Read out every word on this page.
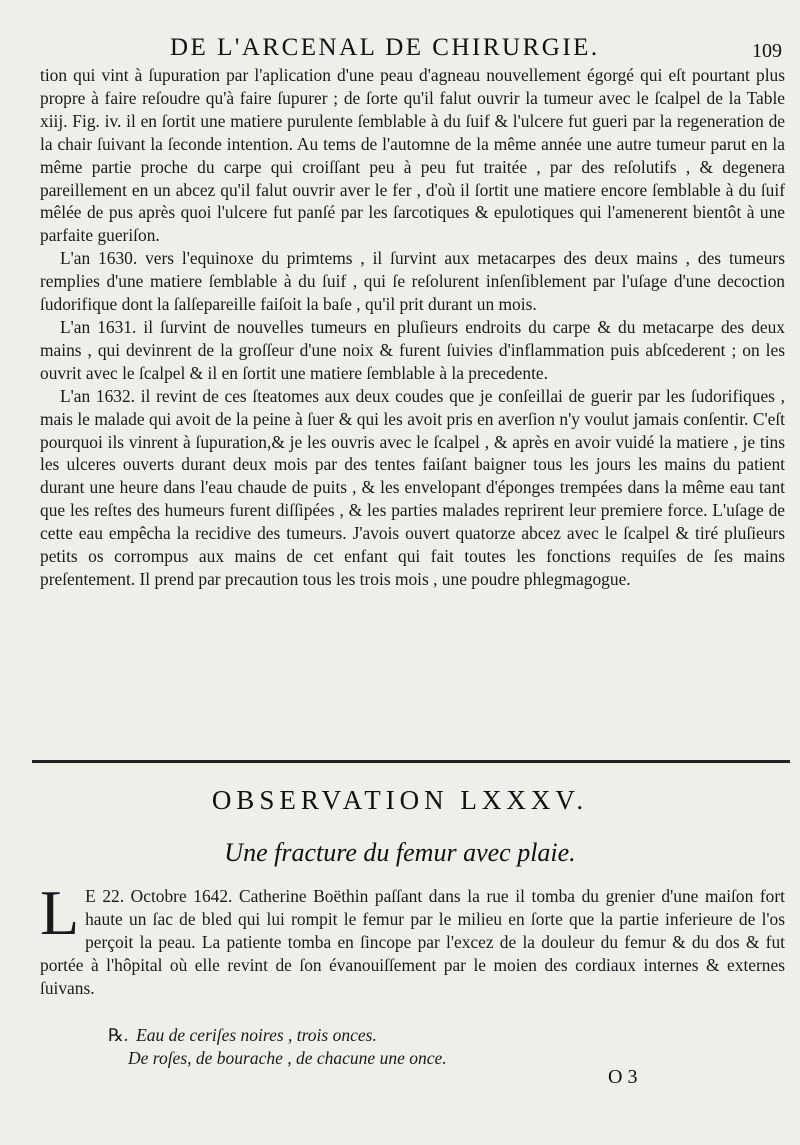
DE L'ARCENAL DE CHIRURGIE.	109

tion qui vint à ſupuration par l'aplication d'une peau d'agneau nouvellement égorgé qui eſt pourtant plus propre à faire reſoudre qu'à faire ſupurer ; de ſorte qu'il falut ouvrir la tumeur avec le ſcalpel de la Table xiij. Fig. iv. il en ſortit une matiere purulente ſemblable à du ſuif & l'ulcere fut gueri par la regeneration de la chair ſuivant la ſeconde intention. Au tems de l'automne de la même année une autre tumeur parut en la même partie proche du carpe qui croiſſant peu à peu fut traitée , par des reſolutifs , & degenera pareillement en un abcez qu'il falut ouvrir aver le fer , d'où il ſortit une matiere encore ſemblable à du ſuif mêlée de pus après quoi l'ulcere fut panſé par les ſarcotiques & epulotiques qui l'amenerent bientôt à une parfaite gueriſon.

L'an 1630. vers l'equinoxe du primtems , il ſurvint aux metacarpes des deux mains , des tumeurs remplies d'une matiere ſemblable à du ſuif , qui ſe reſolurent inſenſiblement par l'uſage d'une decoction ſudorifique dont la ſalſepareille faiſoit la baſe , qu'il prit durant un mois.

L'an 1631. il ſurvint de nouvelles tumeurs en pluſieurs endroits du carpe & du metacarpe des deux mains , qui devinrent de la groſſeur d'une noix & furent ſuivies d'inflammation puis abſcederent ; on les ouvrit avec le ſcalpel & il en ſortit une matiere ſemblable à la precedente.

L'an 1632. il revint de ces ſteatomes aux deux coudes que je conſeillai de guerir par les ſudorifiques , mais le malade qui avoit de la peine à ſuer & qui les avoit pris en averſion n'y voulut jamais conſentir. C'eſt pourquoi ils vinrent à ſupuration,& je les ouvris avec le ſcalpel , & après en avoir vuidé la matiere , je tins les ulceres ouverts durant deux mois par des tentes faiſant baigner tous les jours les mains du patient durant une heure dans l'eau chaude de puits , & les envelopant d'éponges trempées dans la même eau tant que les reſtes des humeurs furent diſſipées , & les parties malades reprirent leur premiere force. L'uſage de cette eau empêcha la recidive des tumeurs. J'avois ouvert quatorze abcez avec le ſcalpel & tiré pluſieurs petits os corrompus aux mains de cet enfant qui fait toutes les fonctions requiſes de ſes mains preſentement. Il prend par precaution tous les trois mois , une poudre phlegmagogue.

OBSERVATION LXXXV.
Une fracture du femur avec plaie.
L E 22. Octobre 1642. Catherine Boëthin paſſant dans la rue il tomba du grenier d'une maiſon fort haute un ſac de bled qui lui rompit le femur par le milieu en ſorte que la partie inferieure de l'os perçoit la peau. La patiente tomba en ſincope par l'excez de la douleur du femur & du dos & fut portée à l'hôpital où elle revint de ſon évanouiſſement par le moien des cordiaux internes & externes ſuivans.
℞. Eau de ceriſes noires , trois onces.
De roſes, de bourache , de chacune une once.
O 3
